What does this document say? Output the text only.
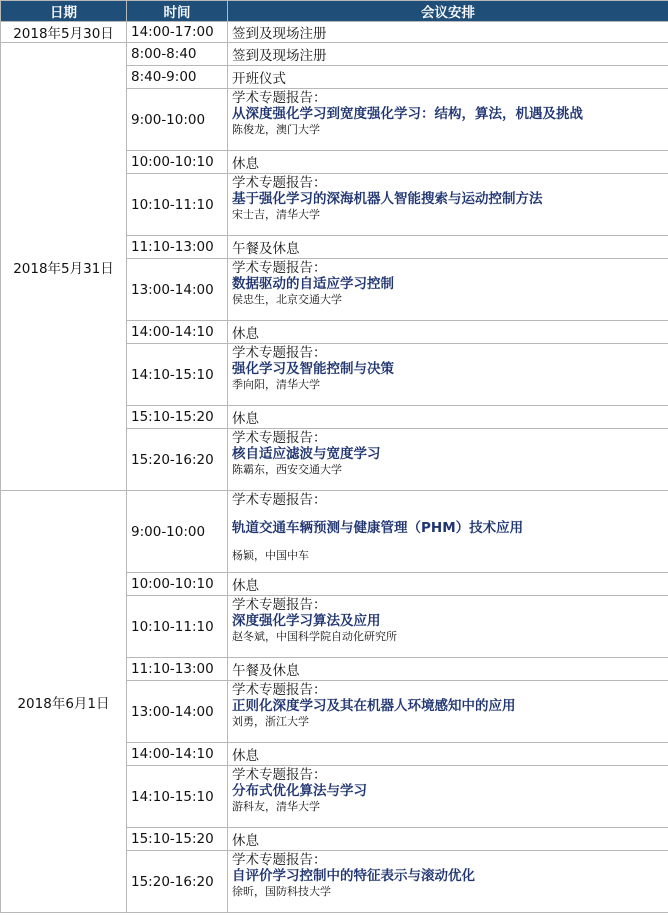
日期	时间	会议安排
2018年5月30日	14:00-17:00	签到及现场注册
2018年5月31日	8:00-8:40	签到及现场注册
	8:40-9:00	开班仪式
	9:00-10:00	学术专题报告：
从深度强化学习到宽度强化学习：结构，算法，机遇及挑战
陈俊龙，澳门大学

	10:00-10:10	休息
	10:10-11:10	学术专题报告：
基于强化学习的深海机器人智能搜索与运动控制方法
宋士吉，清华大学

	11:10-13:00	午餐及休息
	13:00-14:00	学术专题报告：
数据驱动的自适应学习控制
侯忠生，北京交通大学

	14:00-14:10	休息
	14:10-15:10	学术专题报告：
强化学习及智能控制与决策
季向阳，清华大学

	15:10-15:20	休息
	15:20-16:20	学术专题报告：
核自适应滤波与宽度学习
陈霸东，西安交通大学

2018年6月1日	9:00-10:00	学术专题报告：
轨道交通车辆预测与健康管理（PHM）技术应用
杨颖，中国中车

	10:00-10:10	休息
	10:10-11:10	学术专题报告：
深度强化学习算法及应用
赵冬斌，中国科学院自动化研究所

	11:10-13:00	午餐及休息
	13:00-14:00	学术专题报告：
正则化深度学习及其在机器人环境感知中的应用
刘勇，浙江大学

	14:00-14:10	休息
	14:10-15:10	学术专题报告：
分布式优化算法与学习
游科友，清华大学

	15:10-15:20	休息
	15:20-16:20	学术专题报告：
自评价学习控制中的特征表示与滚动优化
徐昕，国防科技大学
